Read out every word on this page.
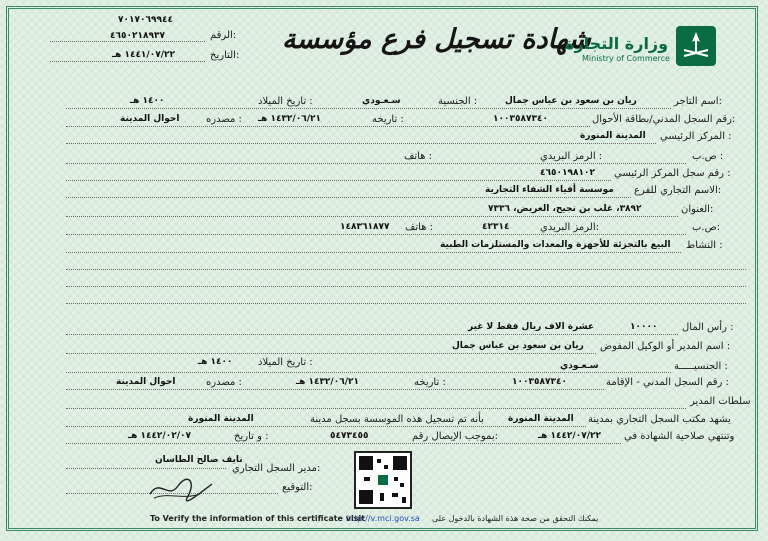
٧٠١٧٠٦٩٩٤٤
الرقم:
٤٦٥٠٢١٨٩٣٧
التاريخ:
١٤٤١/٠٧/٢٢ هـ	شهادة تسجيل فرع مؤسسة
وزارة التجارة
Ministry of Commerce
اسم التاجر:
ريان بن سعود بن عباس جمال
الجنسية :
سـعـودي
تاريخ الميلاد :
١٤٠٠ هـ
رقم السجل المدني/بطاقة الأحوال:
١٠٠٣٥٨٧٣٤٠
تاريخه :
١٤٣٢/٠٦/٢١ هـ
مصدره :
احوال المدينة
المركز الرئيسي :
المدينة المنورة
ص.ب :
الرمز البريدي :
هاتف :
رقم سجل المركز الرئيسي :
٤٦٥٠١٩٨١٠٢
الاسم التجاري للفرع:
موسسة أفياء الشفاء التجارية
العنوان:
٣٨٩٢، غلب بن نجيح، العريض، ٧٣٣٦
ص.ب:
الرمز البريدي:
٤٢٣١٤
هاتف :
١٤٨٣٦١٨٧٧
النشاط :
البيع بالتجزئة للأجهزة والمعدات والمستلزمات الطبية
رأس المال :
١٠٠٠٠
عشرة الاف ريال فقط لا غير
اسم المدير أو الوكيل المفوض :
ريان بن سعود بن عباس جمال
الجنسيـــــة :
سـعـودي
تاريخ الميلاد :
١٤٠٠ هـ
رقم السجل المدني - الإقامة :
١٠٠٣٥٨٧٣٤٠
تاريخه :
١٤٣٢/٠٦/٢١ هـ
مصدره :
احوال المدينة
سلطات المدير
يشهد مكتب السجل التجاري بمدينة
المدينة المنورة
بأنه تم تسجيل هذه الموسسة بسجل مدينة
المدينة المنورة
وتنتهي صلاحية الشهادة في
١٤٤٢/٠٧/٢٢ هـ
بموجب الإيصال رقم:
٥٤٧٣٤٥٥
و تاريخ :
١٤٤٢/٠٢/٠٧ هـ
نايف صالح الطاسان
مدير السجل التجاري:
التوقيع:
يمكنك التحقق من صحة هذة الشهادة بالدخول على
http://v.mci.gov.sa
To Verify the information of this certificate visit
